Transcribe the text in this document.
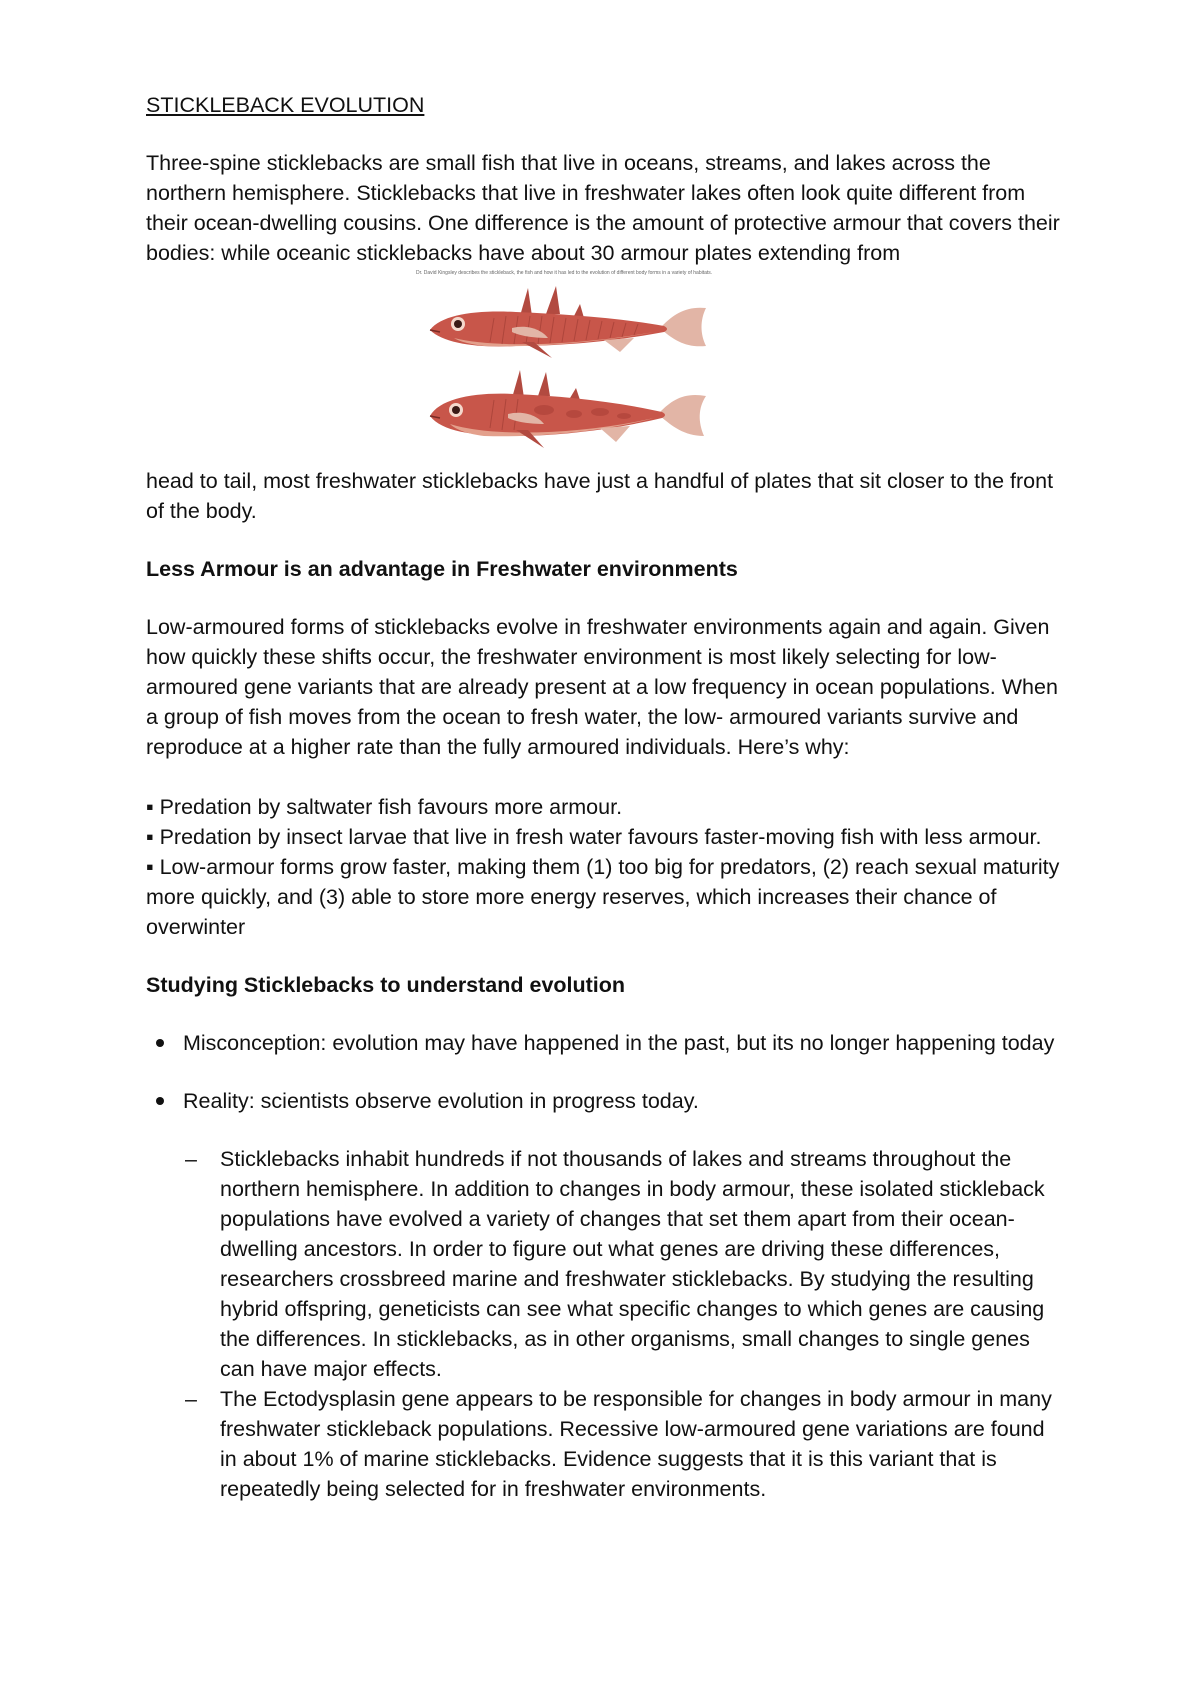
STICKLEBACK EVOLUTION

Three-spine sticklebacks are small fish that live in oceans, streams, and lakes across the northern hemisphere. Sticklebacks that live in freshwater lakes often look quite different from their ocean-dwelling cousins. One difference is the amount of protective armour that covers their bodies: while oceanic sticklebacks have about 30 armour plates extending from

Dr. David Kingsley describes the stickleback, the fish and how it has led to the evolution of different body forms in a variety of habitats.

head to tail, most freshwater sticklebacks have just a handful of plates that sit closer to the front of the body.

Less Armour is an advantage in Freshwater environments

Low-armoured forms of sticklebacks evolve in freshwater environments again and again. Given how quickly these shifts occur, the freshwater environment is most likely selecting for low-armoured gene variants that are already present at a low frequency in ocean populations. When a group of fish moves from the ocean to fresh water, the low- armoured variants survive and reproduce at a higher rate than the fully armoured individuals. Here’s why:

▪ Predation by saltwater fish favours more armour.

▪ Predation by insect larvae that live in fresh water favours faster-moving fish with less armour.

▪ Low-armour forms grow faster, making them (1) too big for predators, (2) reach sexual maturity more quickly, and (3) able to store more energy reserves, which increases their chance of overwinter

Studying Sticklebacks to understand evolution
Misconception: evolution may have happened in the past, but its no longer happening today
Reality: scientists observe evolution in progress today.
– Sticklebacks inhabit hundreds if not thousands of lakes and streams throughout the northern hemisphere. In addition to changes in body armour, these isolated stickleback populations have evolved a variety of changes that set them apart from their ocean-dwelling ancestors. In order to figure out what genes are driving these differences, researchers crossbreed marine and freshwater sticklebacks. By studying the resulting hybrid offspring, geneticists can see what specific changes to which genes are causing the differences. In sticklebacks, as in other organisms, small changes to single genes can have major effects.
– The Ectodysplasin gene appears to be responsible for changes in body armour in many freshwater stickleback populations. Recessive low-armoured gene variations are found in about 1% of marine sticklebacks. Evidence suggests that it is this variant that is repeatedly being selected for in freshwater environments.
